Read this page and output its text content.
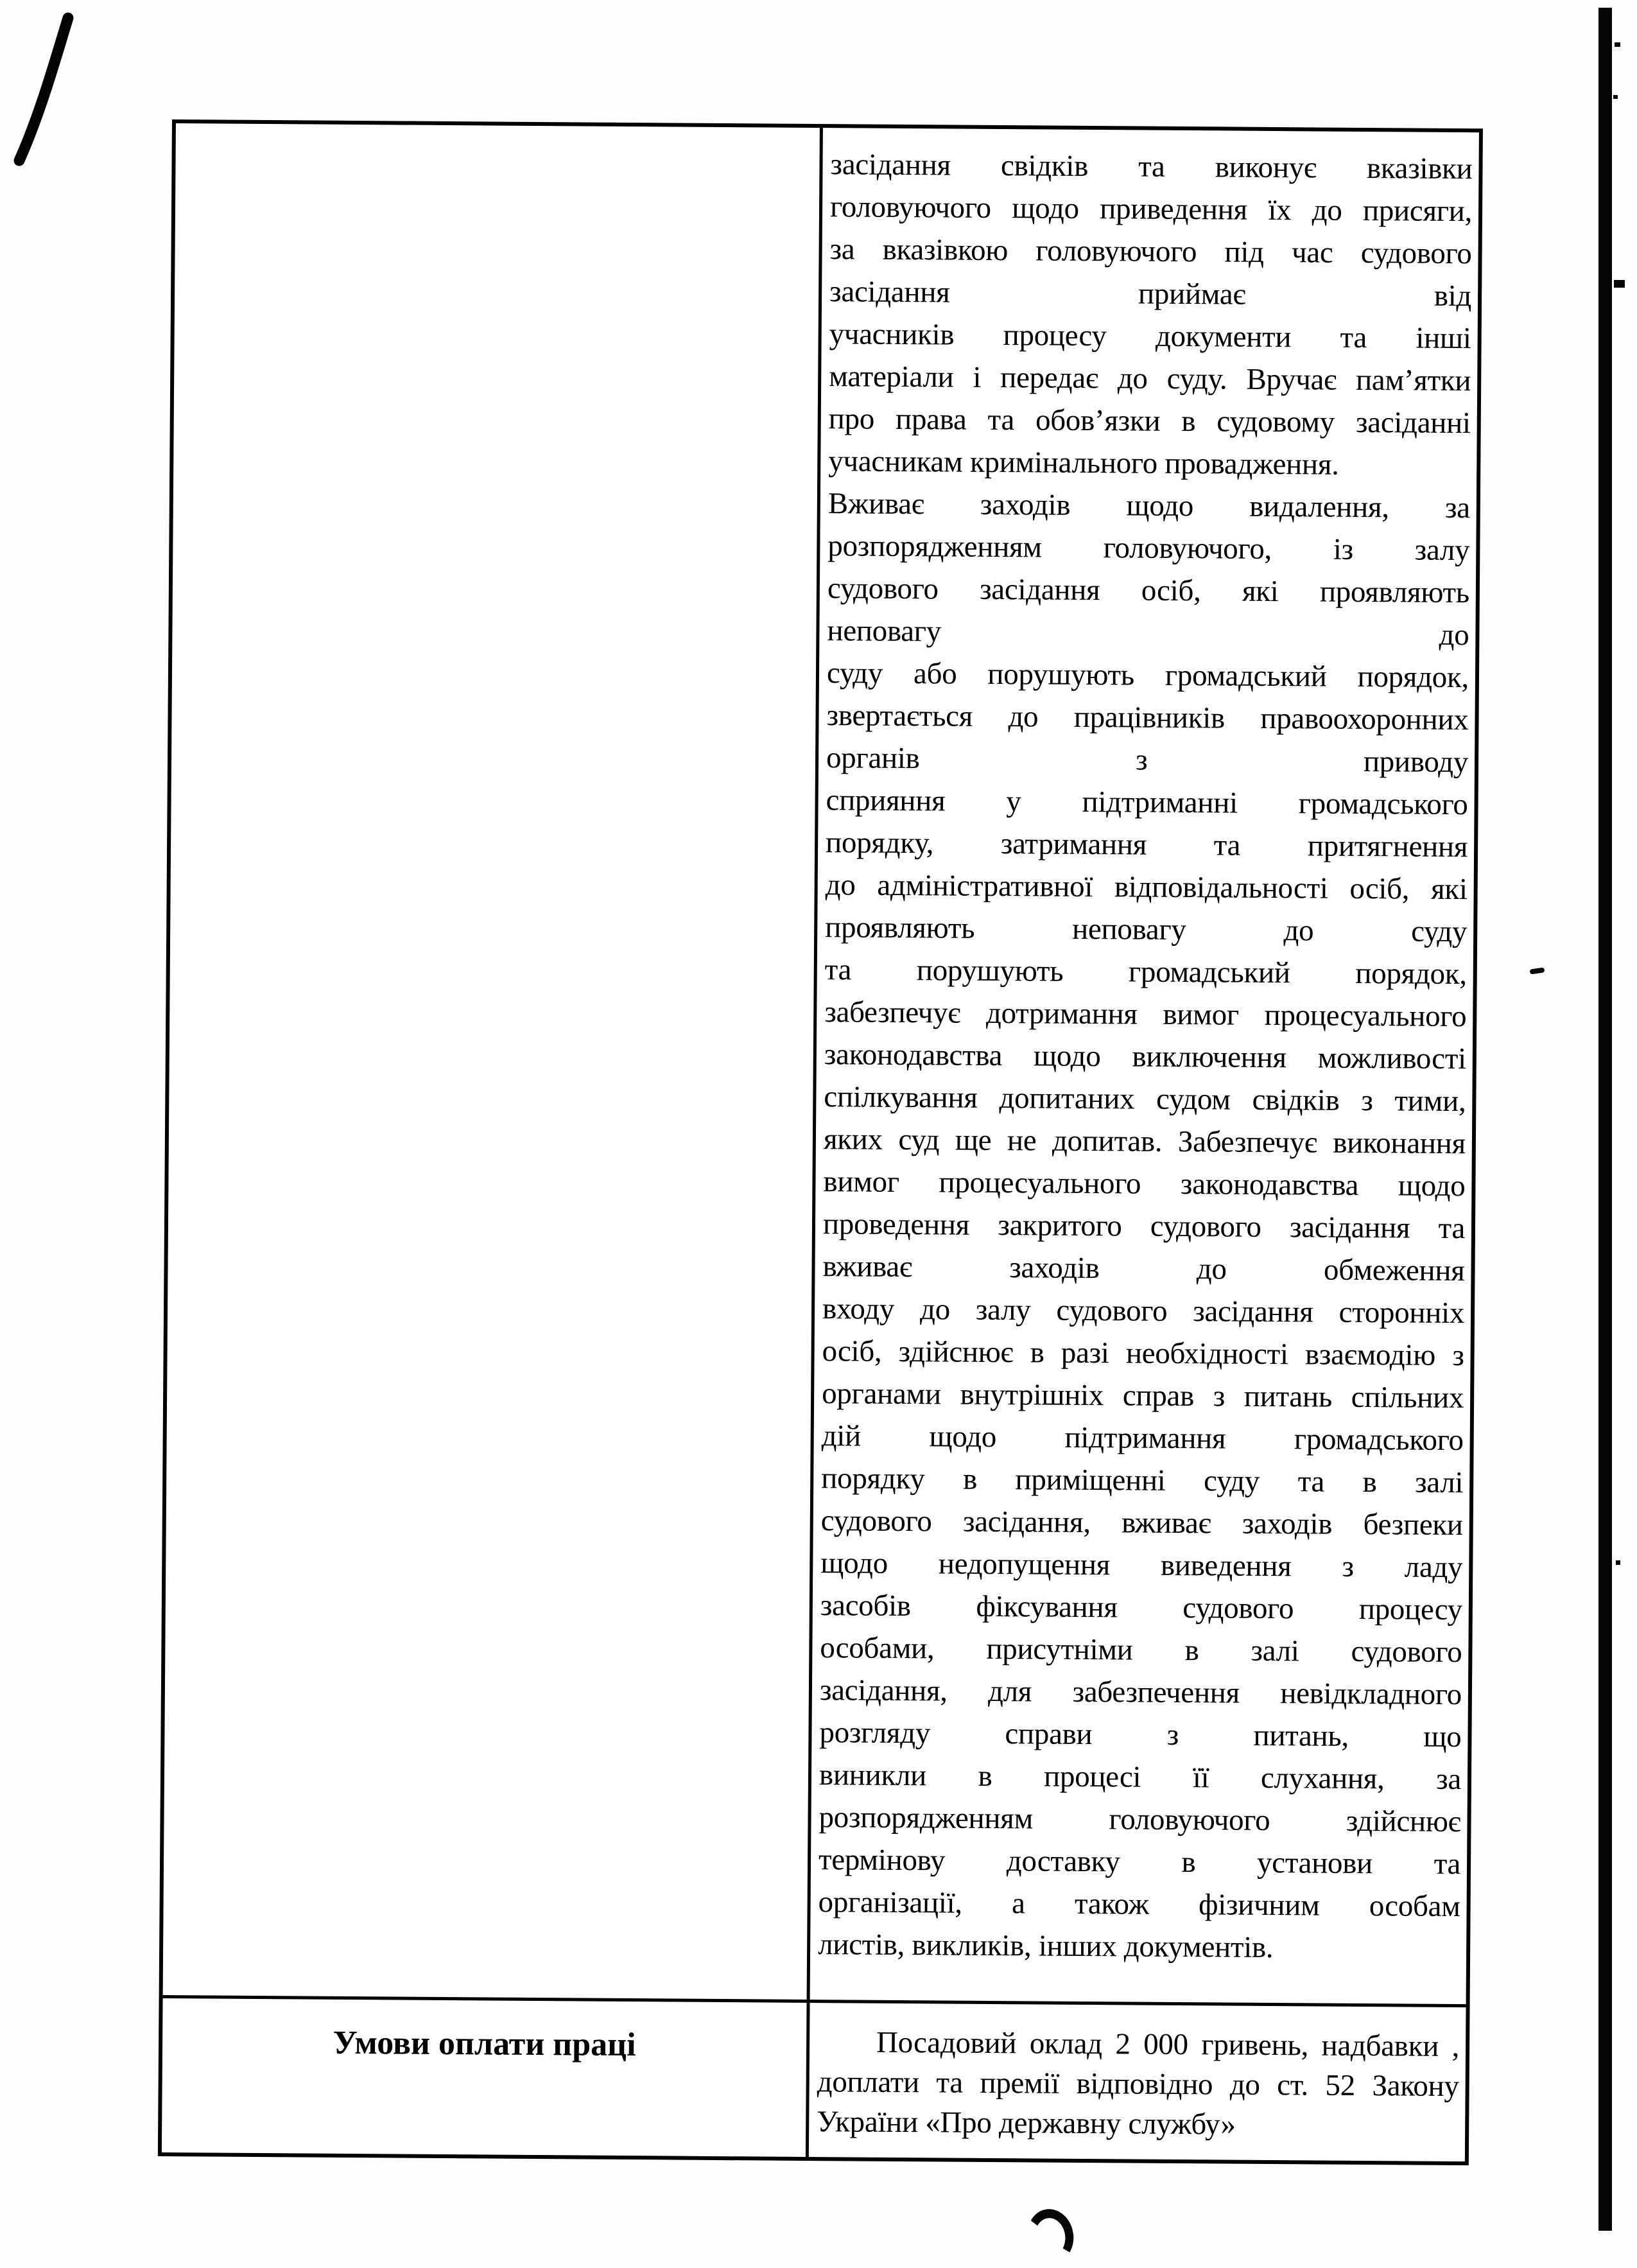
засідання свідків та виконує вказівки
головуючого щодо приведення їх до присяги,
за вказівкою головуючого під час судового
засідання приймає від
учасників процесу документи та інші
матеріали і передає до суду. Вручає пам’ятки
про права та обов’язки в судовому засіданні
учасникам кримінального провадження.
Вживає заходів щодо видалення, за
розпорядженням головуючого, із залу
судового засідання осіб, які проявляють
неповагу до
суду або порушують громадський порядок,
звертається до працівників правоохоронних
органів з приводу
сприяння у підтриманні громадського
порядку, затримання та притягнення
до адміністративної відповідальності осіб, які
проявляють неповагу до суду
та порушують громадський порядок,
забезпечує дотримання вимог процесуального
законодавства щодо виключення можливості
спілкування допитаних судом свідків з тими,
яких суд ще не допитав. Забезпечує виконання
вимог процесуального законодавства щодо
проведення закритого судового засідання та
вживає заходів до обмеження
входу до залу судового засідання сторонніх
осіб, здійснює в разі необхідності взаємодію з
органами внутрішніх справ з питань спільних
дій щодо підтримання громадського
порядку в приміщенні суду та в залі
судового засідання, вживає заходів безпеки
щодо недопущення виведення з ладу
засобів фіксування судового процесу
особами, присутніми в залі судового
засідання, для забезпечення невідкладного
розгляду справи з питань, що
виникли в процесі її слухання, за
розпорядженням головуючого здійснює
термінову доставку в установи та
організації, а також фізичним особам
листів, викликів, інших документів.
Умови оплати праці	Посадовий оклад 2 000 гривень, надбавки ,
доплати та премії відповідно до ст. 52 Закону
України «Про державну службу»
